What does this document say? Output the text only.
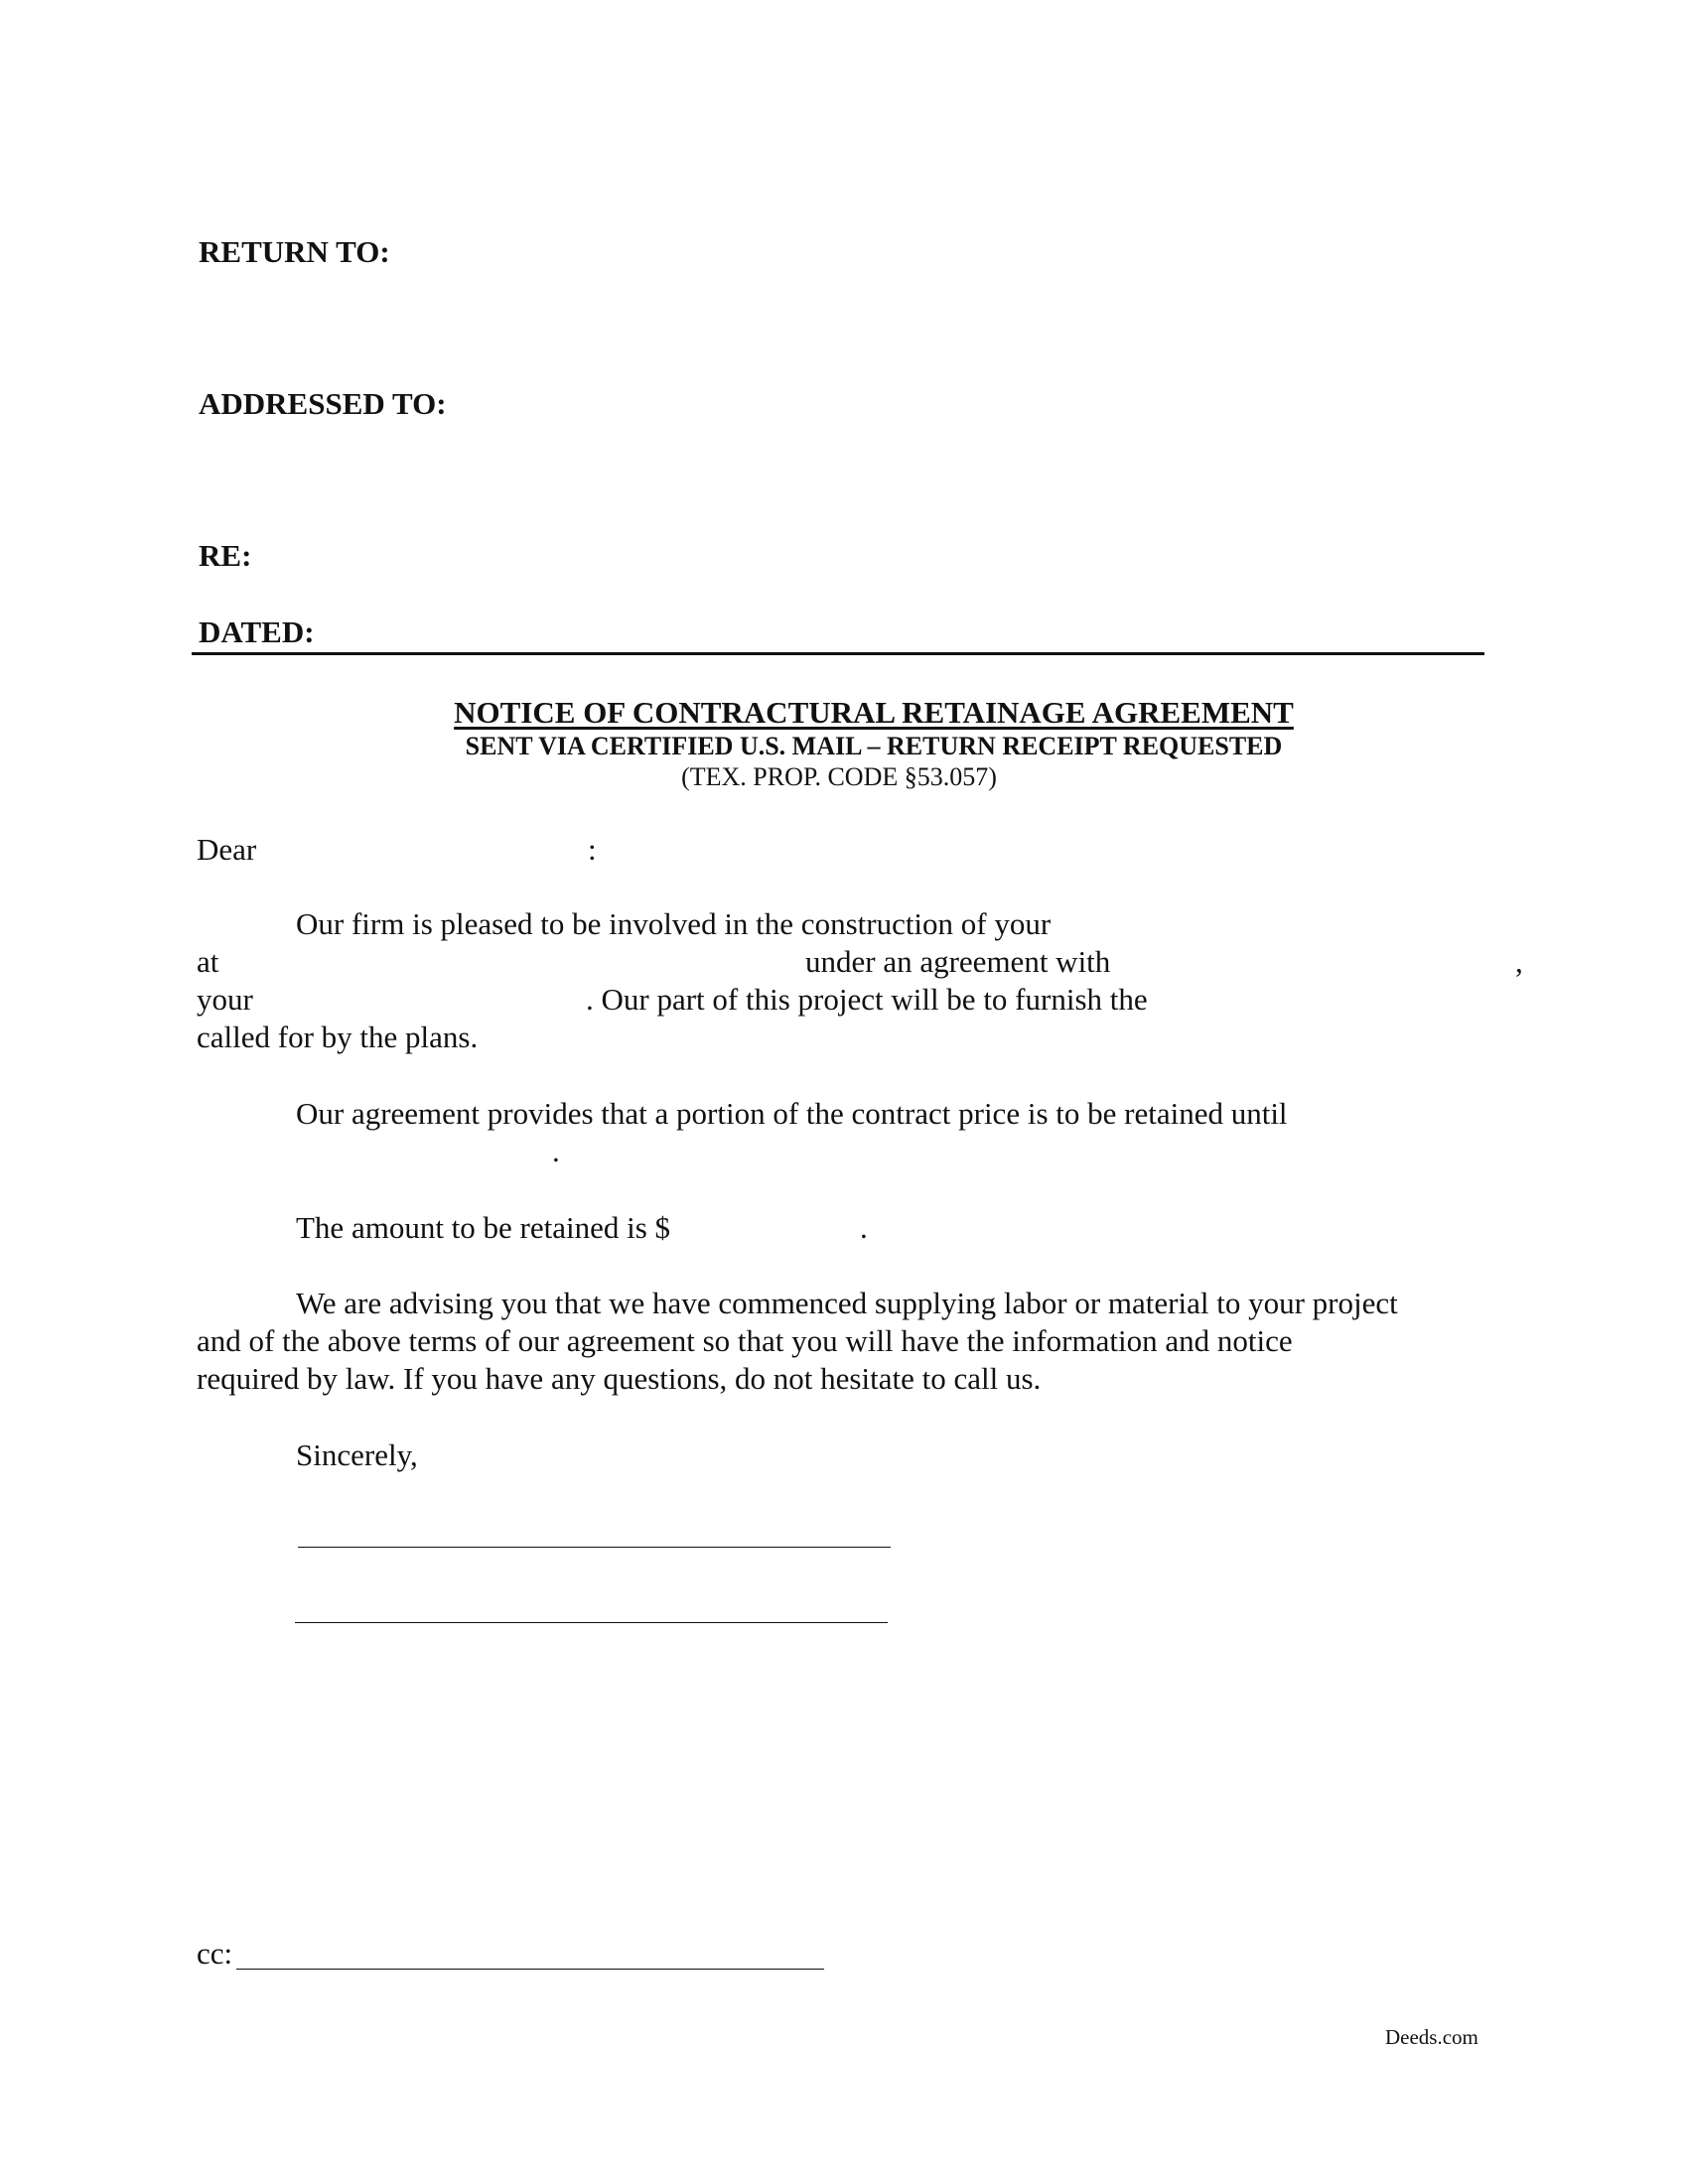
RETURN TO:
ADDRESSED TO:
RE:
DATED:
NOTICE OF CONTRACTURAL RETAINAGE AGREEMENT
SENT VIA CERTIFIED U.S. MAIL – RETURN RECEIPT REQUESTED
(TEX. PROP. CODE §53.057)
Dear	:
Our firm is pleased to be involved in the construction of your
at	under an agreement with	,
your	. Our part of this project will be to furnish the
called for by the plans.
Our agreement provides that a portion of the contract price is to be retained until
.
The amount to be retained is $	.
We are advising you that we have commenced supplying labor or material to your project
and of the above terms of our agreement so that you will have the information and notice
required by law. If you have any questions, do not hesitate to call us.
Sincerely,
cc:
Deeds.com
